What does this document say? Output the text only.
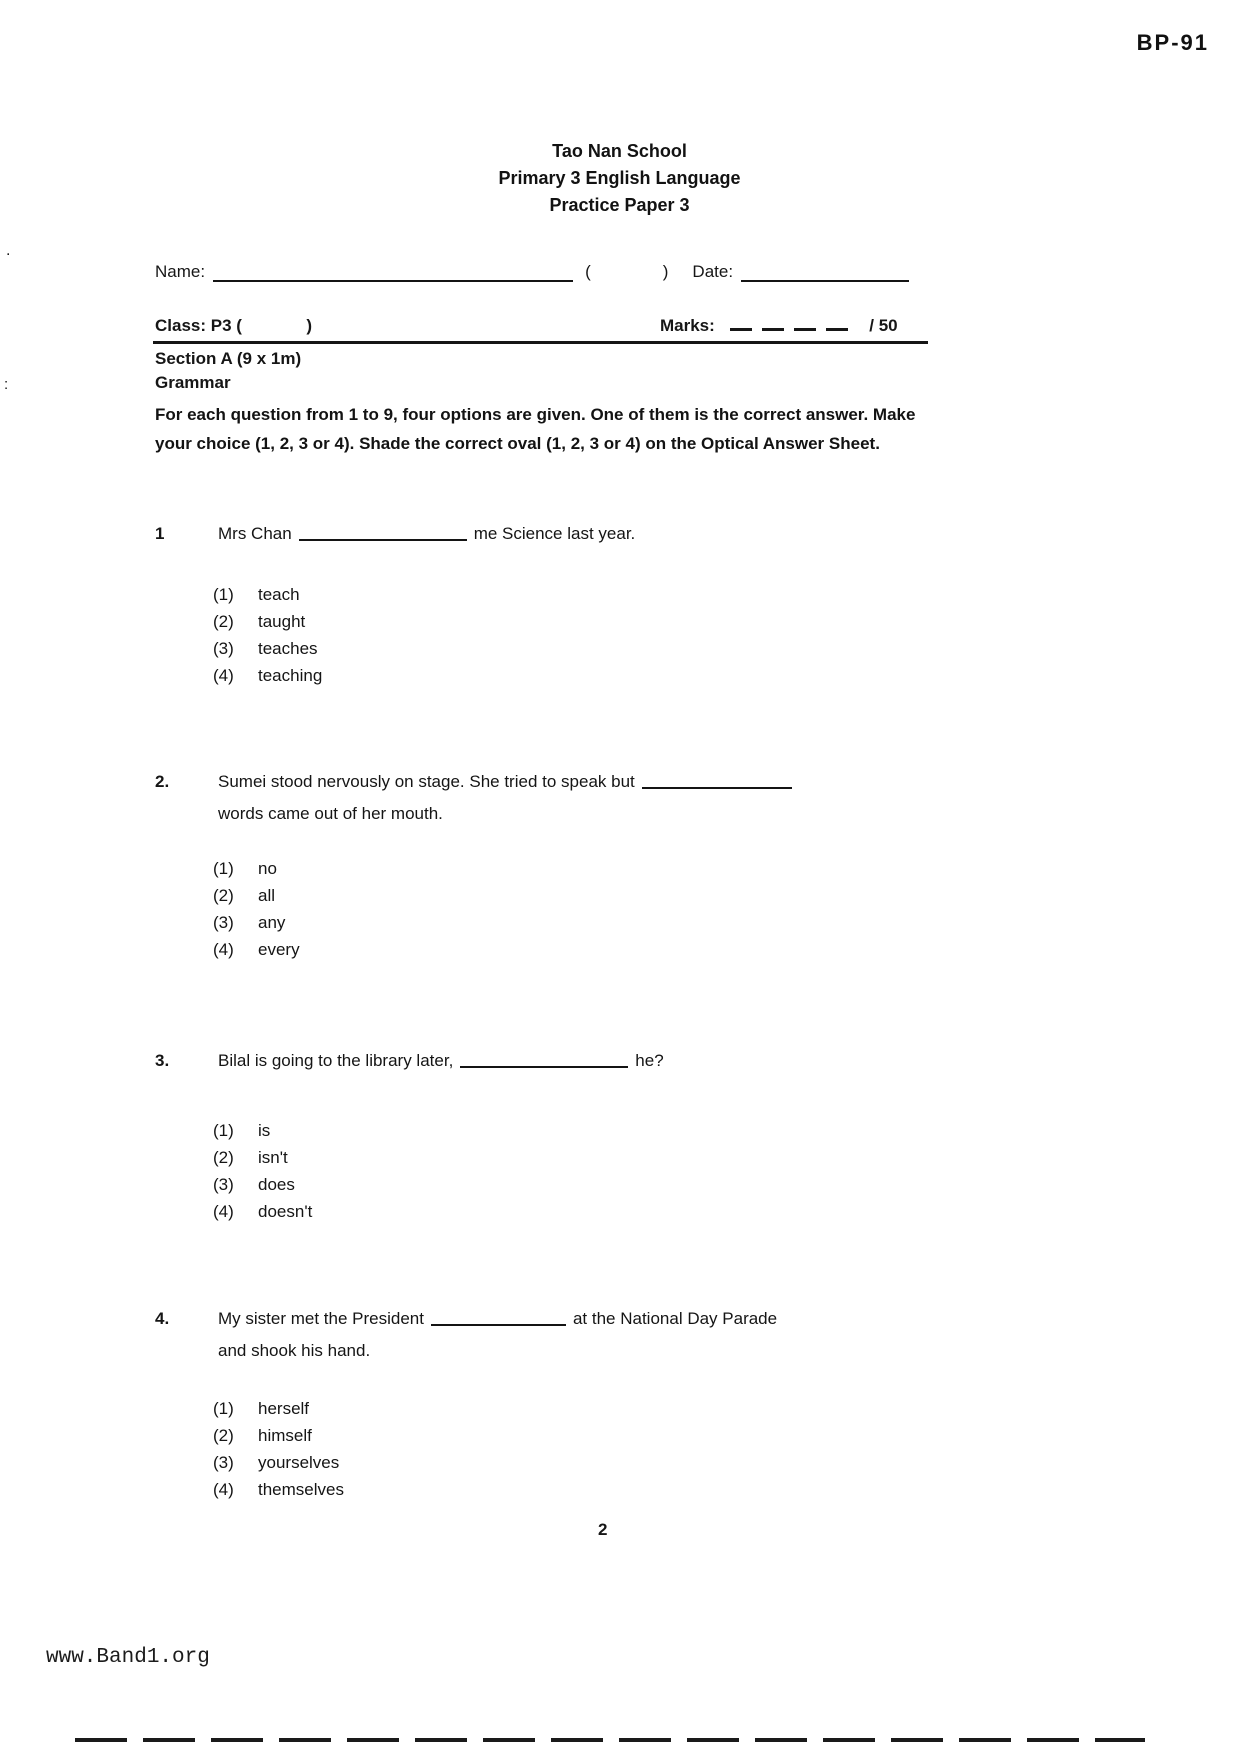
BP-91
.
:
Tao Nan School
Primary 3 English Language
Practice Paper 3
Name:	(	) Date:
Class: P3 (	)	Marks:	/ 50
Section A (9 x 1m)
Grammar
For each question from 1 to 9, four options are given. One of them is the correct answer. Make your choice (1, 2, 3 or 4). Shade the correct oval (1, 2, 3 or 4) on the Optical Answer Sheet.
1	Mrs Chan	me Science last year.
(1) teach
(2) taught
(3) teaches
(4) teaching
2.	Sumei stood nervously on stage. She tried to speak but
words came out of her mouth.
(1) no
(2) all
(3) any
(4) every
3.	Bilal is going to the library later,	he?
(1) is
(2) isn't
(3) does
(4) doesn't
4.	My sister met the President	at the National Day Parade
and shook his hand.
(1) herself
(2) himself
(3) yourselves
(4) themselves
2
www.Band1.org
